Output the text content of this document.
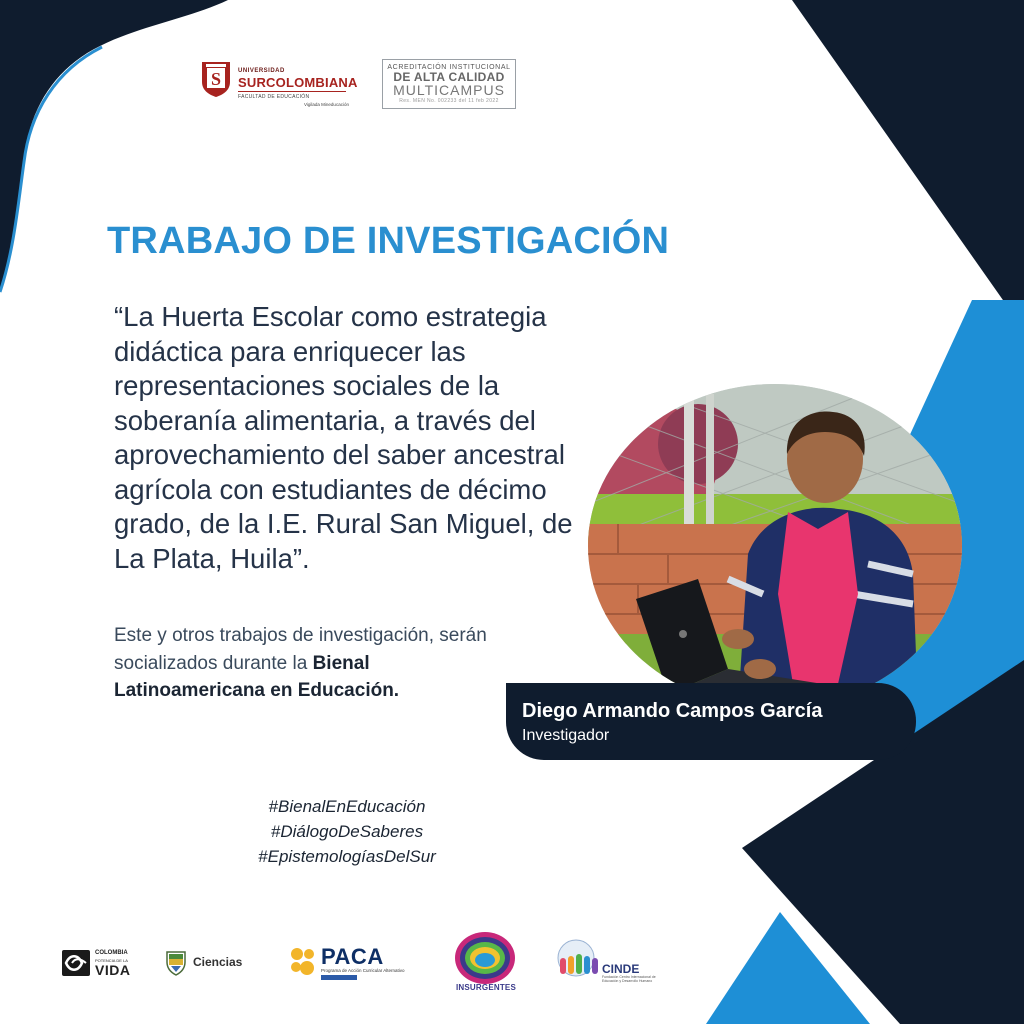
S	UNIVERSIDAD
SURCOLOMBIANA
FACULTAD DE EDUCACIÓN
Vigilada Mineducación
ACREDITACIÓN INSTITUCIONAL
DE ALTA CALIDAD
MULTICAMPUS
Res. MEN No. 002233 del 11 feb 2022
TRABAJO DE INVESTIGACIÓN

“La Huerta Escolar como estrategia didáctica para enriquecer las representaciones sociales de la soberanía alimentaria, a través del aprovechamiento del saber ancestral agrícola con estudiantes de décimo grado, de la I.E. Rural San Miguel, de La Plata, Huila”.

Este y otros trabajos de investigación, serán socializados durante la Bienal Latinoamericana en Educación.

Diego Armando Campos García
Investigador
#BienalEnEducación
#DiálogoDeSaberes
#EpistemologíasDelSur
COLOMBIA
POTENCIA DE LA
VIDA	Ciencias	PACA
Programa de Acción Curricular Alternativo
INSURGENTES
CINDE
Fundación Centro Internacional de Educación y Desarrollo Humano
